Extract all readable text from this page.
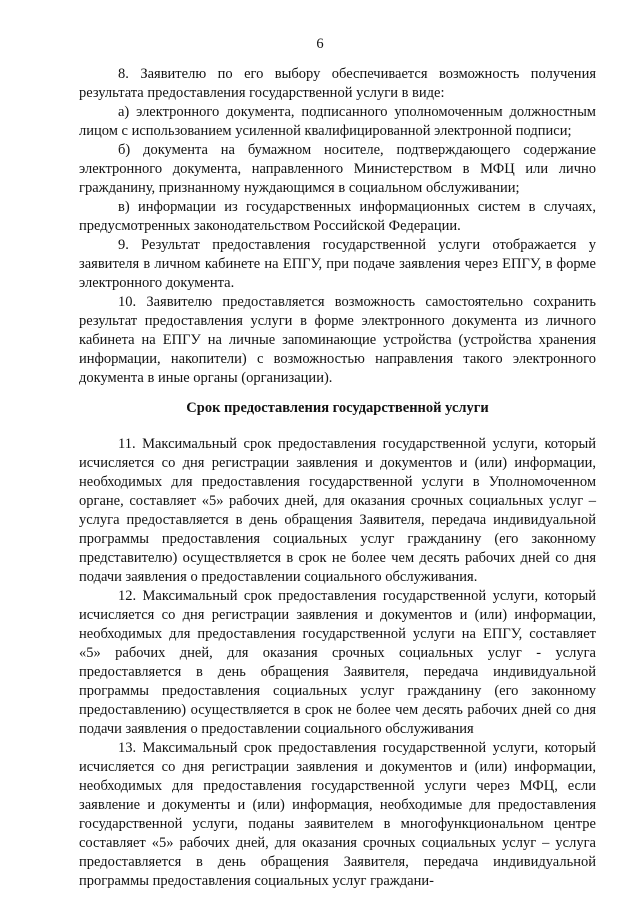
6

8. Заявителю по его выбору обеспечивается возможность получения результата предоставления государственной услуги в виде:

а) электронного документа, подписанного уполномоченным должностным лицом с использованием усиленной квалифицированной электронной подписи;

б) документа на бумажном носителе, подтверждающего содержание электронного документа, направленного Министерством в МФЦ или лично гражданину, признанному нуждающимся в социальном обслуживании;

в) информации из государственных информационных систем в случаях, предусмотренных законодательством Российской Федерации.

9. Результат предоставления государственной услуги отображается у заявителя в личном кабинете на ЕПГУ, при подаче заявления через ЕПГУ, в форме электронного документа.

10. Заявителю предоставляется возможность самостоятельно сохранить результат предоставления услуги в форме электронного документа из личного кабинета на ЕПГУ на личные запоминающие устройства (устройства хранения информации, накопители) с возможностью направления такого электронного документа в иные органы (организации).

Срок предоставления государственной услуги

11. Максимальный срок предоставления государственной услуги, который исчисляется со дня регистрации заявления и документов и (или) информации, необходимых для предоставления государственной услуги в Уполномоченном органе, составляет «5» рабочих дней, для оказания срочных социальных услуг – услуга предоставляется в день обращения Заявителя, передача индивидуальной программы предоставления социальных услуг гражданину (его законному представителю) осуществляется в срок не более чем десять рабочих дней со дня подачи заявления о предоставлении социального обслуживания.

12. Максимальный срок предоставления государственной услуги, который исчисляется со дня регистрации заявления и документов и (или) информации, необходимых для предоставления государственной услуги на ЕПГУ, составляет «5» рабочих дней, для оказания срочных социальных услуг - услуга предоставляется в день обращения Заявителя, передача индивидуальной программы предоставления социальных услуг гражданину (его законному предоставлению) осуществляется в срок не более чем десять рабочих дней со дня подачи заявления о предоставлении социального обслуживания

13. Максимальный срок предоставления государственной услуги, который исчисляется со дня регистрации заявления и документов и (или) информации, необходимых для предоставления государственной услуги через МФЦ, если заявление и документы и (или) информация, необходимые для предоставления государственной услуги, поданы заявителем в многофункциональном центре составляет «5» рабочих дней, для оказания срочных социальных услуг – услуга предоставляется в день обращения Заявителя, передача индивидуальной программы предоставления социальных услуг граждани-
